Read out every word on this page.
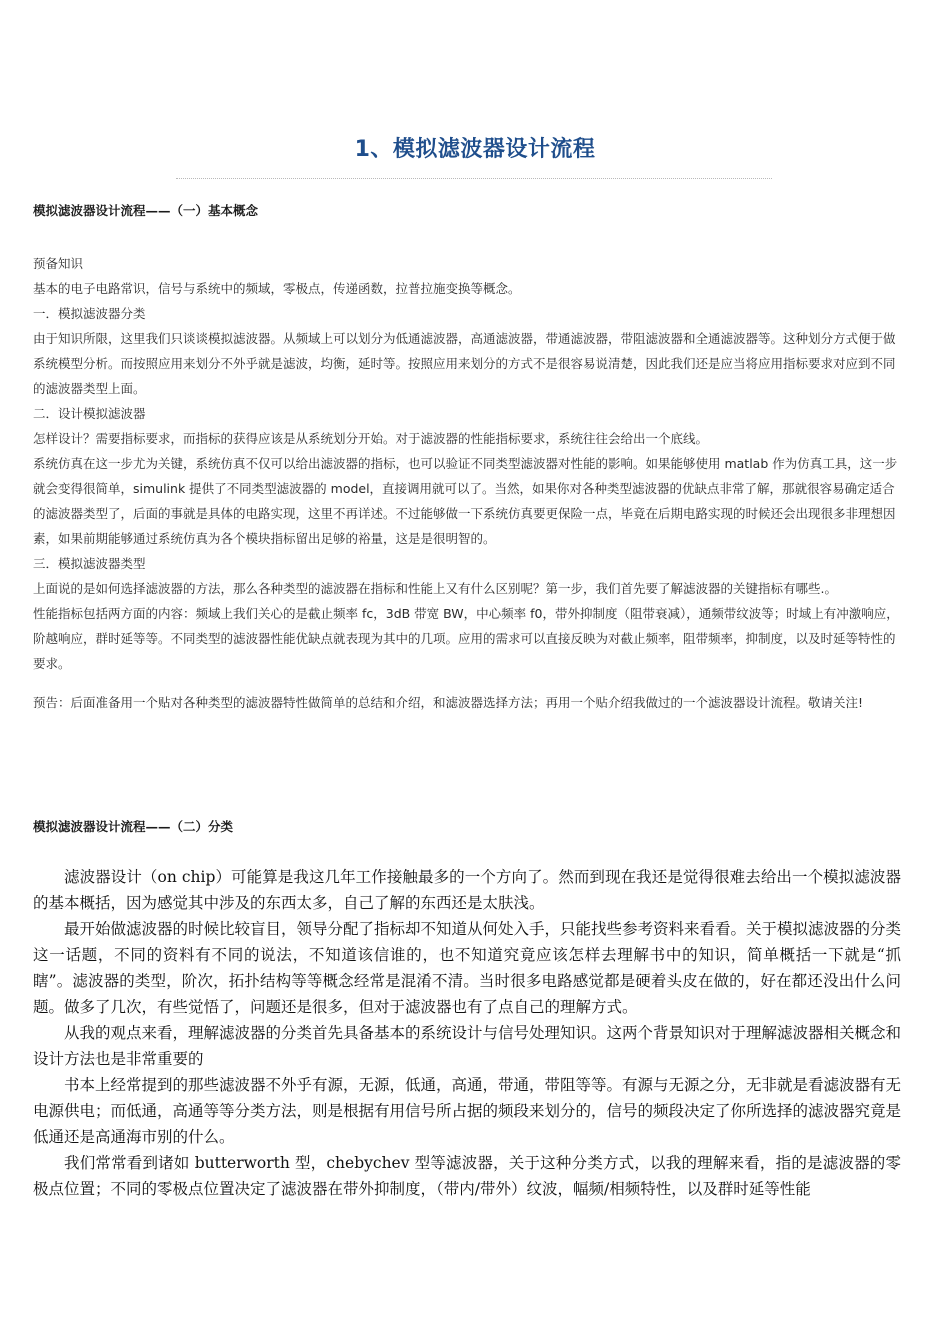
1、模拟滤波器设计流程
模拟滤波器设计流程——（一）基本概念

预备知识

基本的电子电路常识，信号与系统中的频域，零极点，传递函数，拉普拉施变换等概念。

一．模拟滤波器分类

由于知识所限，这里我们只谈谈模拟滤波器。从频域上可以划分为低通滤波器，高通滤波器，带通滤波器，带阻滤波器和全通滤波器等。这种划分方式便于做系统模型分析。而按照应用来划分不外乎就是滤波，均衡，延时等。按照应用来划分的方式不是很容易说清楚，因此我们还是应当将应用指标要求对应到不同的滤波器类型上面。

二．设计模拟滤波器

怎样设计？需要指标要求，而指标的获得应该是从系统划分开始。对于滤波器的性能指标要求，系统往往会给出一个底线。

系统仿真在这一步尤为关键，系统仿真不仅可以给出滤波器的指标，也可以验证不同类型滤波器对性能的影响。如果能够使用 matlab 作为仿真工具，这一步就会变得很简单，simulink 提供了不同类型滤波器的 model，直接调用就可以了。当然，如果你对各种类型滤波器的优缺点非常了解，那就很容易确定适合的滤波器类型了，后面的事就是具体的电路实现，这里不再详述。不过能够做一下系统仿真要更保险一点，毕竟在后期电路实现的时候还会出现很多非理想因素，如果前期能够通过系统仿真为各个模块指标留出足够的裕量，这是是很明智的。

三．模拟滤波器类型

上面说的是如何选择滤波器的方法，那么各种类型的滤波器在指标和性能上又有什么区别呢？第一步，我们首先要了解滤波器的关键指标有哪些.。

性能指标包括两方面的内容：频域上我们关心的是截止频率 fc，3dB 带宽 BW，中心频率 f0，带外抑制度（阻带衰减），通频带纹波等；时域上有冲激响应，阶越响应，群时延等等。不同类型的滤波器性能优缺点就表现为其中的几项。应用的需求可以直接反映为对截止频率，阻带频率，抑制度，以及时延等特性的要求。

预告：后面准备用一个贴对各种类型的滤波器特性做简单的总结和介绍，和滤波器选择方法；再用一个贴介绍我做过的一个滤波器设计流程。敬请关注!

模拟滤波器设计流程——（二）分类

滤波器设计（on chip）可能算是我这几年工作接触最多的一个方向了。然而到现在我还是觉得很难去给出一个模拟滤波器的基本概括，因为感觉其中涉及的东西太多，自己了解的东西还是太肤浅。

最开始做滤波器的时候比较盲目，领导分配了指标却不知道从何处入手，只能找些参考资料来看看。关于模拟滤波器的分类这一话题，不同的资料有不同的说法，不知道该信谁的，也不知道究竟应该怎样去理解书中的知识，简单概括一下就是“抓瞎”。滤波器的类型，阶次，拓扑结构等等概念经常是混淆不清。当时很多电路感觉都是硬着头皮在做的，好在都还没出什么问题。做多了几次，有些觉悟了，问题还是很多，但对于滤波器也有了点自己的理解方式。

从我的观点来看，理解滤波器的分类首先具备基本的系统设计与信号处理知识。这两个背景知识对于理解滤波器相关概念和设计方法也是非常重要的

书本上经常提到的那些滤波器不外乎有源，无源，低通，高通，带通，带阻等等。有源与无源之分，无非就是看滤波器有无电源供电；而低通，高通等等分类方法，则是根据有用信号所占据的频段来划分的，信号的频段决定了你所选择的滤波器究竟是低通还是高通海市别的什么。

我们常常看到诸如 butterworth 型，chebychev 型等滤波器，关于这种分类方式，以我的理解来看，指的是滤波器的零极点位置；不同的零极点位置决定了滤波器在带外抑制度，（带内/带外）纹波，幅频/相频特性，以及群时延等性能
